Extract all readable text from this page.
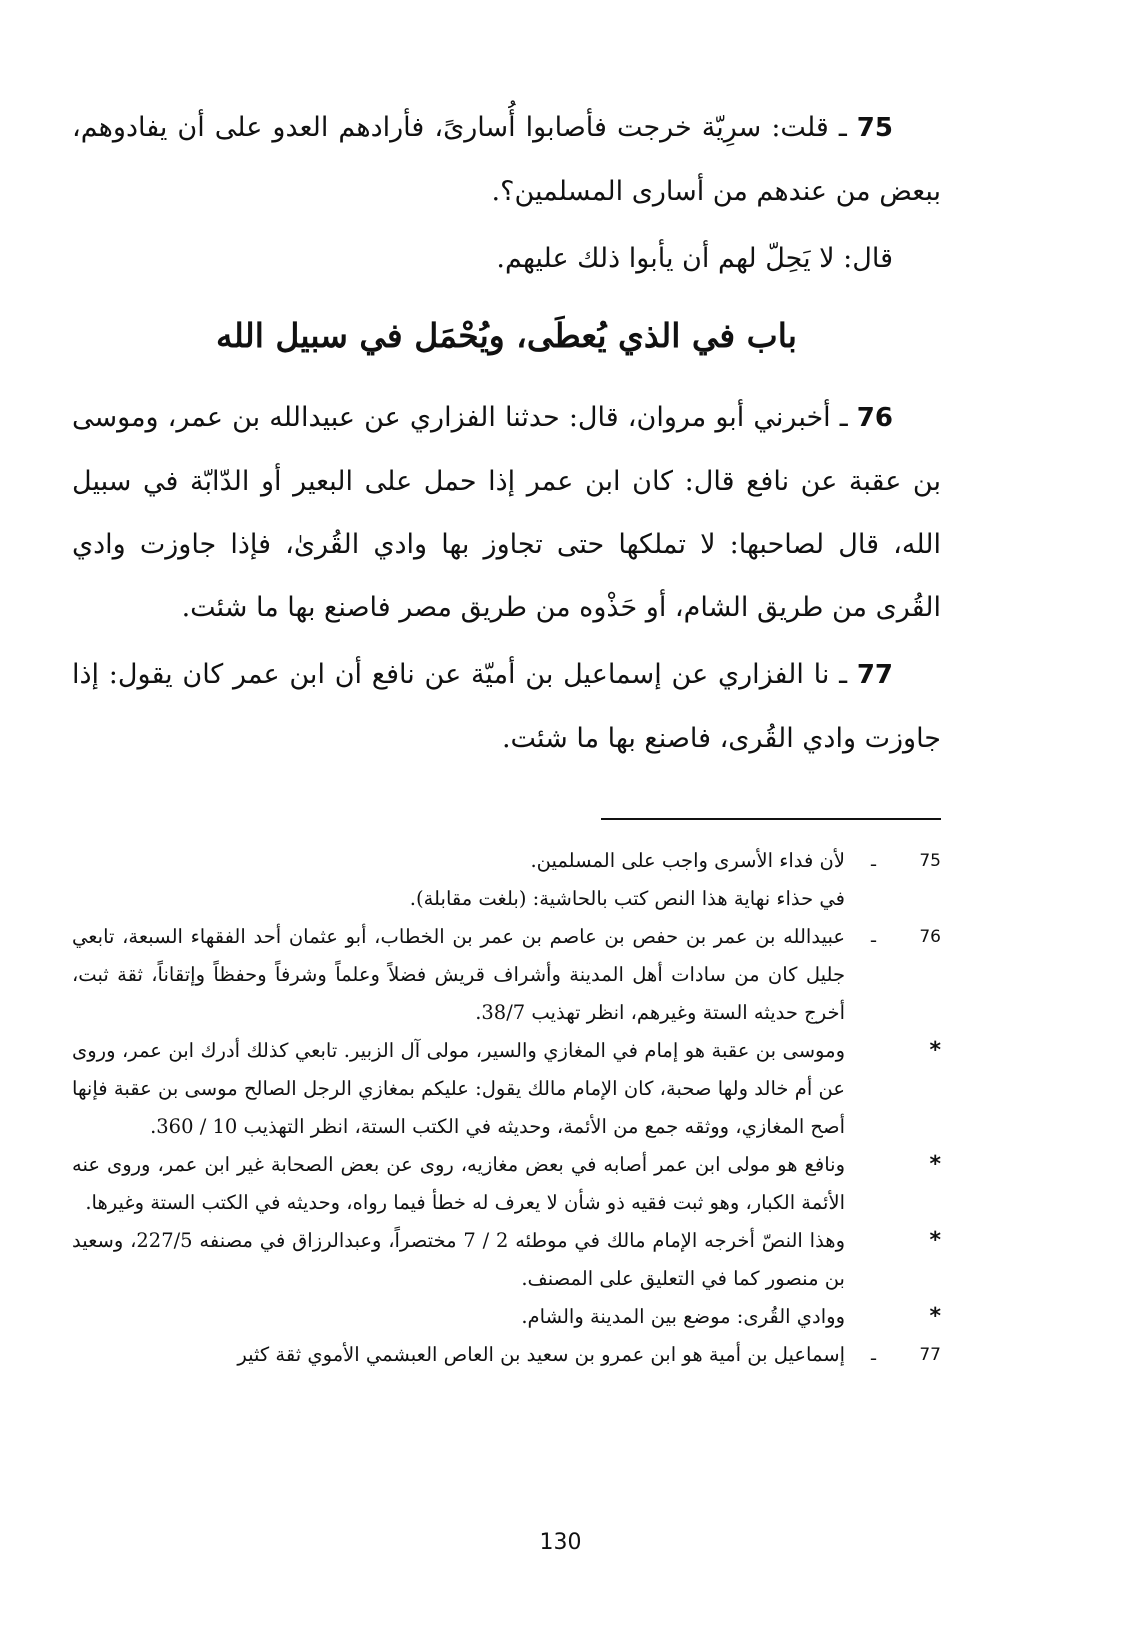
75 ـ قلت: سرِيّة خرجت فأصابوا أُسارىً، فأرادهم العدو على أن يفادوهم، ببعض من عندهم من أسارى المسلمين؟.

قال: لا يَحِلّ لهم أن يأبوا ذلك عليهم.

باب في الذي يُعطَى، ويُحْمَل في سبيل الله

76 ـ أخبرني أبو مروان، قال: حدثنا الفزاري عن عبيدالله بن عمر، وموسى بن عقبة عن نافع قال: كان ابن عمر إذا حمل على البعير أو الدّابّة في سبيل الله، قال لصاحبها: لا تملكها حتى تجاوز بها وادي القُرىٰ، فإذا جاوزت وادي القُرى من طريق الشام، أو حَذْوه من طريق مصر فاصنع بها ما شئت.

77 ـ نا الفزاري عن إسماعيل بن أميّة عن نافع أن ابن عمر كان يقول: إذا جاوزت وادي القُرى، فاصنع بها ما شئت.

75
ـ
لأن فداء الأسرى واجب على المسلمين.
في حذاء نهاية هذا النص كتب بالحاشية: (بلغت مقابلة).
76
ـ
عبيدالله بن عمر بن حفص بن عاصم بن عمر بن الخطاب، أبو عثمان أحد الفقهاء السبعة، تابعي جليل كان من سادات أهل المدينة وأشراف قريش فضلاً وعلماً وشرفاً وحفظاً وإتقاناً، ثقة ثبت، أخرج حديثه الستة وغيرهم، انظر تهذيب 38/7.
*
وموسى بن عقبة هو إمام في المغازي والسير، مولى آل الزبير. تابعي كذلك أدرك ابن عمر، وروى عن أم خالد ولها صحبة، كان الإمام مالك يقول: عليكم بمغازي الرجل الصالح موسى بن عقبة فإنها أصح المغازي، ووثقه جمع من الأئمة، وحديثه في الكتب الستة، انظر التهذيب 10 / 360.
*
ونافع هو مولى ابن عمر أصابه في بعض مغازيه، روى عن بعض الصحابة غير ابن عمر، وروى عنه الأئمة الكبار، وهو ثبت فقيه ذو شأن لا يعرف له خطأ فيما رواه، وحديثه في الكتب الستة وغيرها.
*
وهذا النصّ أخرجه الإمام مالك في موطئه 2 / 7 مختصراً، وعبدالرزاق في مصنفه 227/5، وسعيد بن منصور كما في التعليق على المصنف.
*
ووادي القُرى: موضع بين المدينة والشام.
77
ـ
إسماعيل بن أمية هو ابن عمرو بن سعيد بن العاص العبشمي الأموي ثقة كثير
130
